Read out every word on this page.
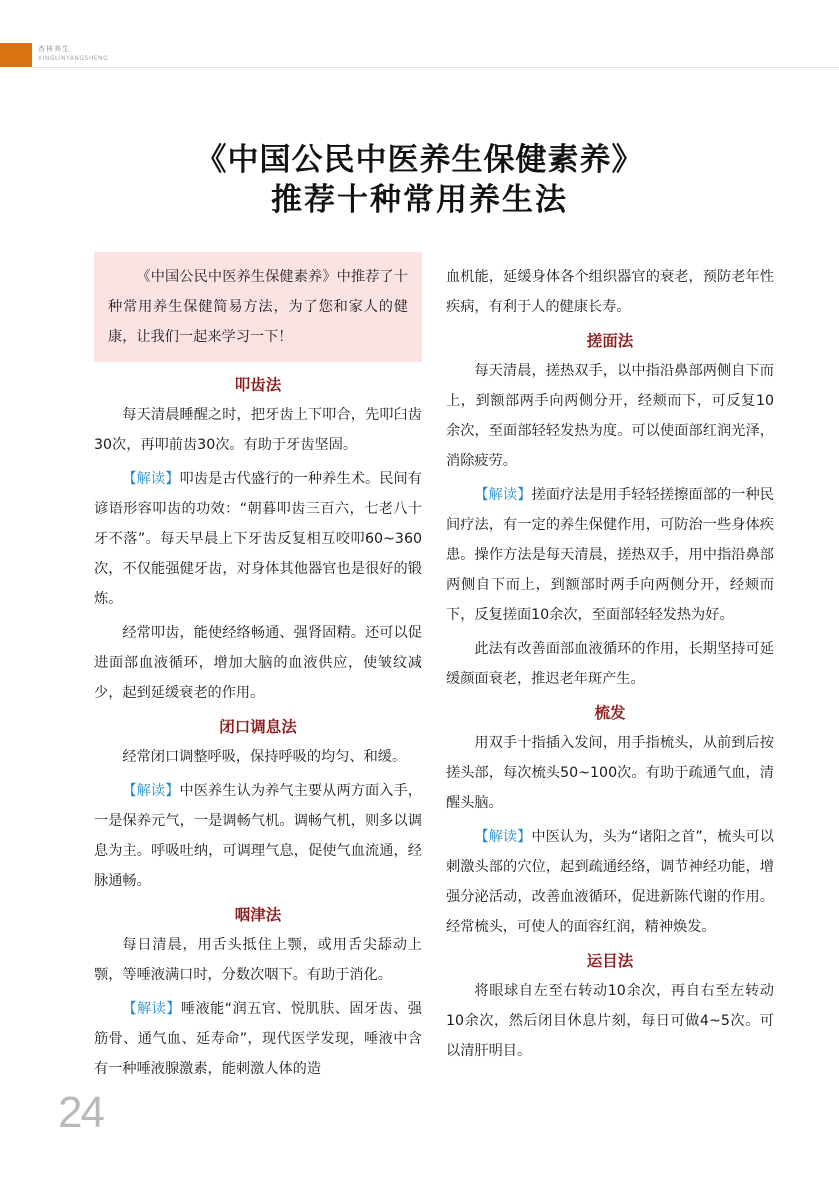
杏林养生
XINGLINYANGSHENG
《中国公民中医养生保健素养》
推荐十种常用养生法

《中国公民中医养生保健素养》中推荐了十种常用养生保健简易方法，为了您和家人的健康，让我们一起来学习一下！

叩齿法

每天清晨睡醒之时，把牙齿上下叩合，先叩臼齿30次，再叩前齿30次。有助于牙齿坚固。

【解读】叩齿是古代盛行的一种养生术。民间有谚语形容叩齿的功效：“朝暮叩齿三百六，七老八十牙不落”。每天早晨上下牙齿反复相互咬叩60~360次，不仅能强健牙齿，对身体其他器官也是很好的锻炼。

经常叩齿，能使经络畅通、强肾固精。还可以促进面部血液循环，增加大脑的血液供应，使皱纹减少，起到延缓衰老的作用。

闭口调息法

经常闭口调整呼吸，保持呼吸的均匀、和缓。

【解读】中医养生认为养气主要从两方面入手，一是保养元气，一是调畅气机。调畅气机，则多以调息为主。呼吸吐纳，可调理气息，促使气血流通，经脉通畅。

咽津法

每日清晨，用舌头抵住上颚，或用舌尖舔动上颚，等唾液满口时，分数次咽下。有助于消化。

【解读】唾液能“润五官、悦肌肤、固牙齿、强筋骨、通气血、延寿命”，现代医学发现，唾液中含有一种唾液腺激素，能刺激人体的造

血机能，延缓身体各个组织器官的衰老，预防老年性疾病，有利于人的健康长寿。

搓面法

每天清晨，搓热双手，以中指沿鼻部两侧自下而上，到额部两手向两侧分开，经颊而下，可反复10余次，至面部轻轻发热为度。可以使面部红润光泽，消除疲劳。

【解读】搓面疗法是用手轻轻搓擦面部的一种民间疗法，有一定的养生保健作用，可防治一些身体疾患。操作方法是每天清晨，搓热双手，用中指沿鼻部两侧自下而上，到额部时两手向两侧分开，经颊而下，反复搓面10余次，至面部轻轻发热为好。

此法有改善面部血液循环的作用，长期坚持可延缓颜面衰老，推迟老年斑产生。

梳发

用双手十指插入发间，用手指梳头，从前到后按搓头部，每次梳头50~100次。有助于疏通气血，清醒头脑。

【解读】中医认为，头为“诸阳之首”，梳头可以刺激头部的穴位，起到疏通经络，调节神经功能，增强分泌活动，改善血液循环，促进新陈代谢的作用。经常梳头，可使人的面容红润，精神焕发。

运目法

将眼球自左至右转动10余次，再自右至左转动10余次，然后闭目休息片刻，每日可做4~5次。可以清肝明目。

24
